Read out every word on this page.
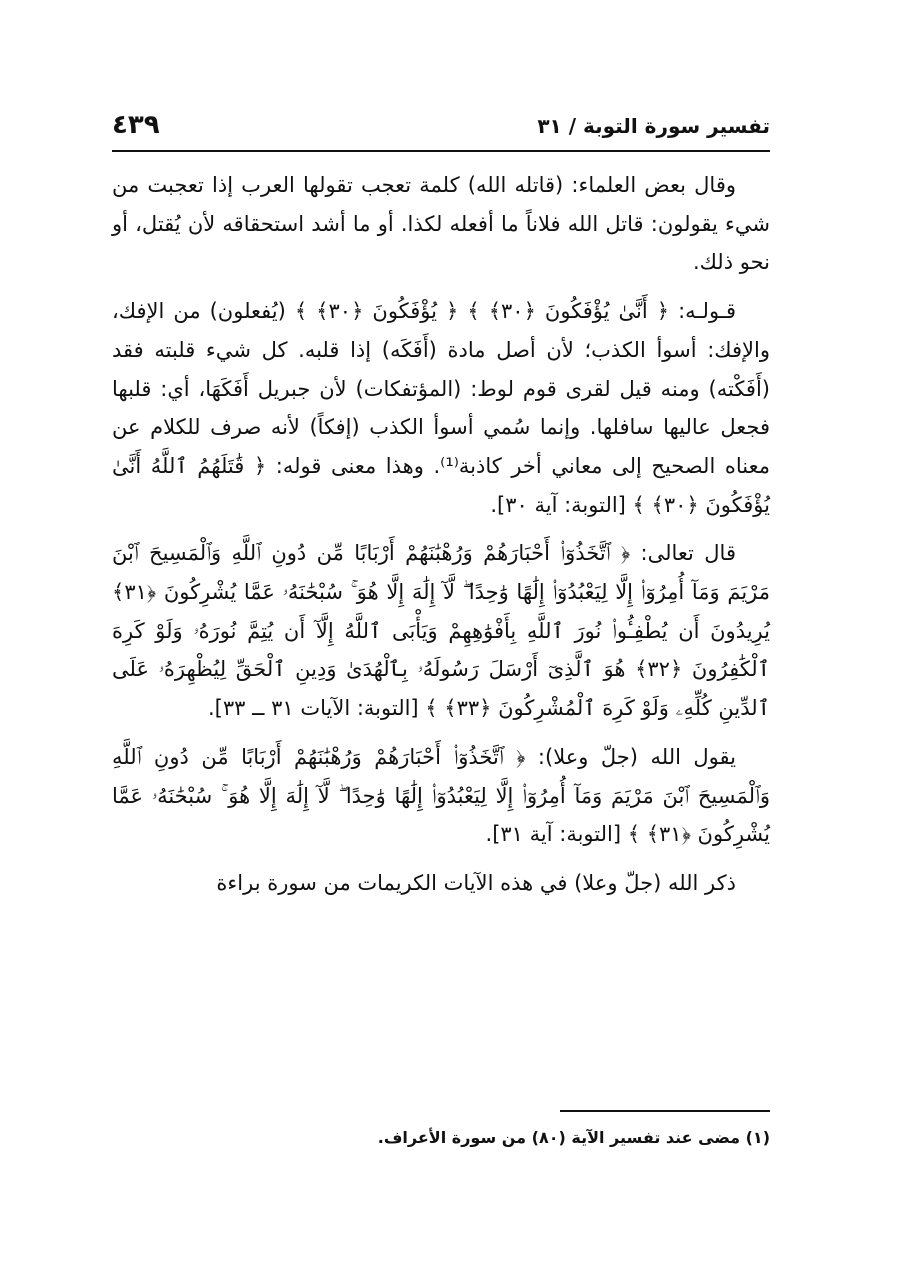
تفسير سورة التوبة / ٣١
٤٣٩

وقال بعض العلماء: (قاتله الله) كلمة تعجب تقولها العرب إذا تعجبت من شيء يقولون: قاتل الله فلاناً ما أفعله لكذا. أو ما أشد استحقاقه لأن يُقتل، أو نحو ذلك.

قـولـه: ﴿ أَنَّىٰ يُؤْفَكُونَ ﴿٣٠﴾ ﴾ ﴿ يُؤْفَكُونَ ﴿٣٠﴾ ﴾ (يُفعلون) من الإفك، والإفك: أسوأ الكذب؛ لأن أصل مادة (أَفَكَه) إذا قلبه. كل شيء قلبته فقد (أَفَكْته) ومنه قيل لقرى قوم لوط: (المؤتفكات) لأن جبريل أَفَكَهَا، أي: قلبها فجعل عاليها سافلها. وإنما سُمي أسوأ الكذب (إفكاً) لأنه صرف للكلام عن معناه الصحيح إلى معاني أخر كاذبة⁽¹⁾. وهذا معنى قوله: ﴿ قَٰتَلَهُمُ ٱللَّهُ أَنَّىٰ يُؤْفَكُونَ ﴿٣٠﴾ ﴾ [التوبة: آية ٣٠].

قال تعالى: ﴿ ٱتَّخَذُوٓا۟ أَحْبَارَهُمْ وَرُهْبَٰنَهُمْ أَرْبَابًا مِّن دُونِ ٱللَّهِ وَٱلْمَسِيحَ ٱبْنَ مَرْيَمَ وَمَآ أُمِرُوٓا۟ إِلَّا لِيَعْبُدُوٓا۟ إِلَٰهًا وَٰحِدًا ۖ لَّآ إِلَٰهَ إِلَّا هُوَ ۚ سُبْحَٰنَهُۥ عَمَّا يُشْرِكُونَ ﴿٣١﴾ يُرِيدُونَ أَن يُطْفِـُٔوا۟ نُورَ ٱللَّهِ بِأَفْوَٰهِهِمْ وَيَأْبَى ٱللَّهُ إِلَّآ أَن يُتِمَّ نُورَهُۥ وَلَوْ كَرِهَ ٱلْكَٰفِرُونَ ﴿٣٢﴾ هُوَ ٱلَّذِىٓ أَرْسَلَ رَسُولَهُۥ بِٱلْهُدَىٰ وَدِينِ ٱلْحَقِّ لِيُظْهِرَهُۥ عَلَى ٱلدِّينِ كُلِّهِۦ وَلَوْ كَرِهَ ٱلْمُشْرِكُونَ ﴿٣٣﴾ ﴾ [التوبة: الآيات ٣١ ــ ٣٣].

يقول الله (جلّ وعلا): ﴿ ٱتَّخَذُوٓا۟ أَحْبَارَهُمْ وَرُهْبَٰنَهُمْ أَرْبَابًا مِّن دُونِ ٱللَّهِ وَٱلْمَسِيحَ ٱبْنَ مَرْيَمَ وَمَآ أُمِرُوٓا۟ إِلَّا لِيَعْبُدُوٓا۟ إِلَٰهًا وَٰحِدًا ۖ لَّآ إِلَٰهَ إِلَّا هُوَ ۚ سُبْحَٰنَهُۥ عَمَّا يُشْرِكُونَ ﴿٣١﴾ ﴾ [التوبة: آية ٣١].

ذكر الله (جلّ وعلا) في هذه الآيات الكريمات من سورة براءة

(١) مضى عند تفسير الآية (٨٠) من سورة الأعراف.
